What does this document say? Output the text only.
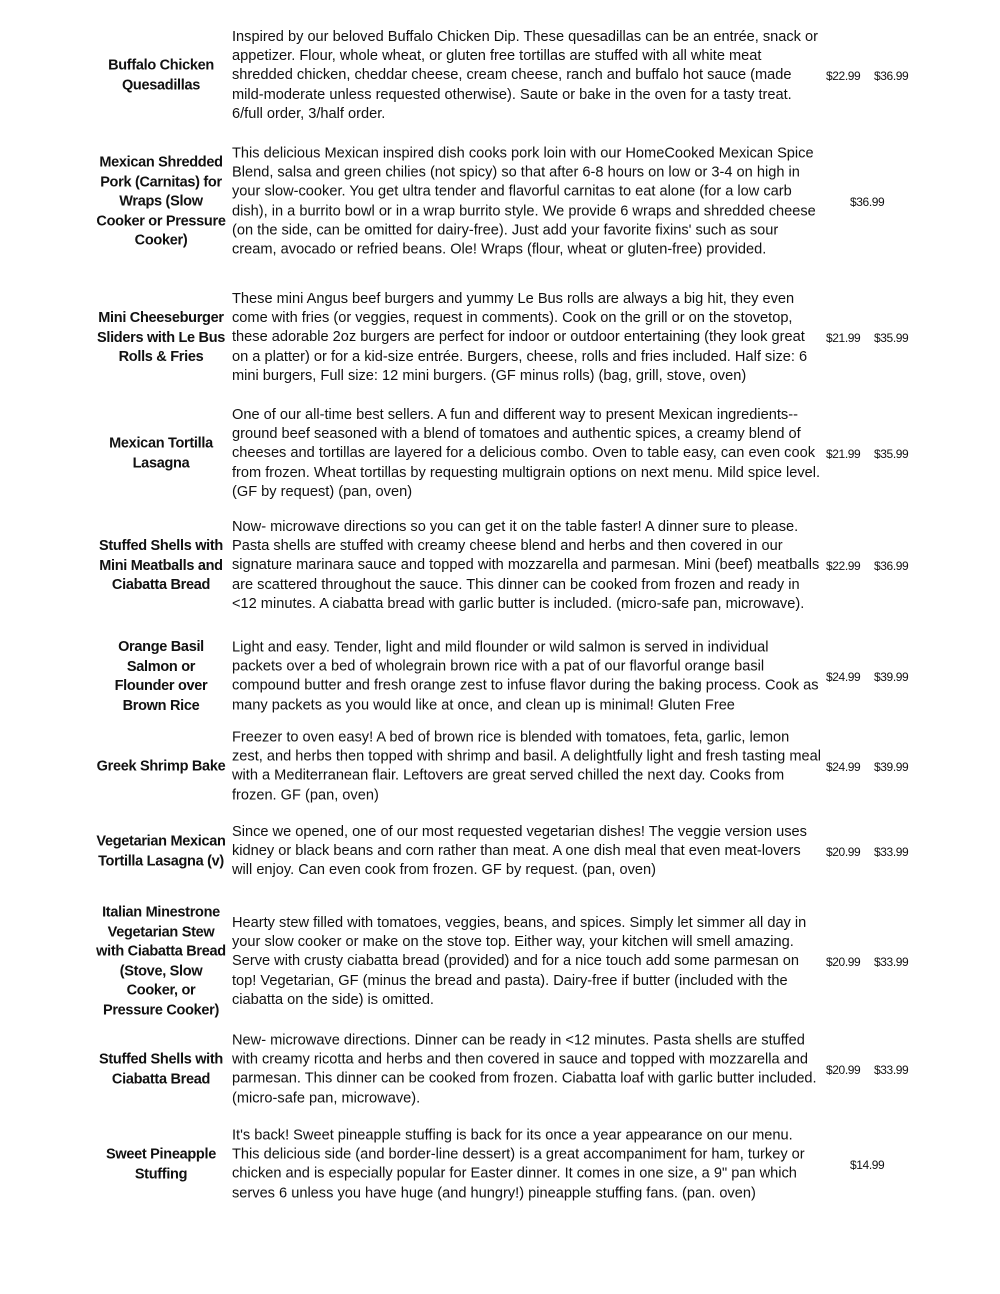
Buffalo Chicken Quesadillas
Inspired by our beloved Buffalo Chicken Dip. These quesadillas can be an entrée, snack or appetizer. Flour, whole wheat, or gluten free tortillas are stuffed with all white meat shredded chicken, cheddar cheese, cream cheese, ranch and buffalo hot sauce (made mild-moderate unless requested otherwise). Saute or bake in the oven for a tasty treat. 6/full order, 3/half order.
$22.99 $36.99
Mexican Shredded Pork (Carnitas) for Wraps (Slow Cooker or Pressure Cooker)
This delicious Mexican inspired dish cooks pork loin with our HomeCooked Mexican Spice Blend, salsa and green chilies (not spicy) so that after 6-8 hours on low or 3-4 on high in your slow-cooker. You get ultra tender and flavorful carnitas to eat alone (for a low carb dish), in a burrito bowl or in a wrap burrito style. We provide 6 wraps and shredded cheese (on the side, can be omitted for dairy-free). Just add your favorite fixins' such as sour cream, avocado or refried beans. Ole! Wraps (flour, wheat or gluten-free) provided.
$36.99
Mini Cheeseburger Sliders with Le Bus Rolls & Fries
These mini Angus beef burgers and yummy Le Bus rolls are always a big hit, they even come with fries (or veggies, request in comments). Cook on the grill or on the stovetop, these adorable 2oz burgers are perfect for indoor or outdoor entertaining (they look great on a platter) or for a kid-size entrée. Burgers, cheese, rolls and fries included. Half size: 6 mini burgers, Full size: 12 mini burgers. (GF minus rolls) (bag, grill, stove, oven)
$21.99 $35.99
Mexican Tortilla Lasagna
One of our all-time best sellers. A fun and different way to present Mexican ingredients-- ground beef seasoned with a blend of tomatoes and authentic spices, a creamy blend of cheeses and tortillas are layered for a delicious combo. Oven to table easy, can even cook from frozen. Wheat tortillas by requesting multigrain options on next menu. Mild spice level. (GF by request) (pan, oven)
$21.99 $35.99
Stuffed Shells with Mini Meatballs and Ciabatta Bread
Now- microwave directions so you can get it on the table faster! A dinner sure to please. Pasta shells are stuffed with creamy cheese blend and herbs and then covered in our signature marinara sauce and topped with mozzarella and parmesan. Mini (beef) meatballs are scattered throughout the sauce. This dinner can be cooked from frozen and ready in <12 minutes. A ciabatta bread with garlic butter is included. (micro-safe pan, microwave).
$22.99 $36.99
Orange Basil Salmon or Flounder over Brown Rice
Light and easy. Tender, light and mild flounder or wild salmon is served in individual packets over a bed of wholegrain brown rice with a pat of our flavorful orange basil compound butter and fresh orange zest to infuse flavor during the baking process. Cook as many packets as you would like at once, and clean up is minimal! Gluten Free
$24.99 $39.99
Greek Shrimp Bake
Freezer to oven easy! A bed of brown rice is blended with tomatoes, feta, garlic, lemon zest, and herbs then topped with shrimp and basil. A delightfully light and fresh tasting meal with a Mediterranean flair. Leftovers are great served chilled the next day. Cooks from frozen. GF (pan, oven)
$24.99 $39.99
Vegetarian Mexican Tortilla Lasagna (v)
Since we opened, one of our most requested vegetarian dishes! The veggie version uses kidney or black beans and corn rather than meat. A one dish meal that even meat-lovers will enjoy. Can even cook from frozen. GF by request. (pan, oven)
$20.99 $33.99
Italian Minestrone Vegetarian Stew with Ciabatta Bread (Stove, Slow Cooker, or Pressure Cooker)
Hearty stew filled with tomatoes, veggies, beans, and spices. Simply let simmer all day in your slow cooker or make on the stove top. Either way, your kitchen will smell amazing. Serve with crusty ciabatta bread (provided) and for a nice touch add some parmesan on top! Vegetarian, GF (minus the bread and pasta). Dairy-free if butter (included with the ciabatta on the side) is omitted.
$20.99 $33.99
Stuffed Shells with Ciabatta Bread
New- microwave directions. Dinner can be ready in <12 minutes. Pasta shells are stuffed with creamy ricotta and herbs and then covered in sauce and topped with mozzarella and parmesan. This dinner can be cooked from frozen. Ciabatta loaf with garlic butter included. (micro-safe pan, microwave).
$20.99 $33.99
Sweet Pineapple Stuffing
It's back! Sweet pineapple stuffing is back for its once a year appearance on our menu. This delicious side (and border-line dessert) is a great accompaniment for ham, turkey or chicken and is especially popular for Easter dinner. It comes in one size, a 9" pan which serves 6 unless you have huge (and hungry!) pineapple stuffing fans. (pan. oven)
$14.99
